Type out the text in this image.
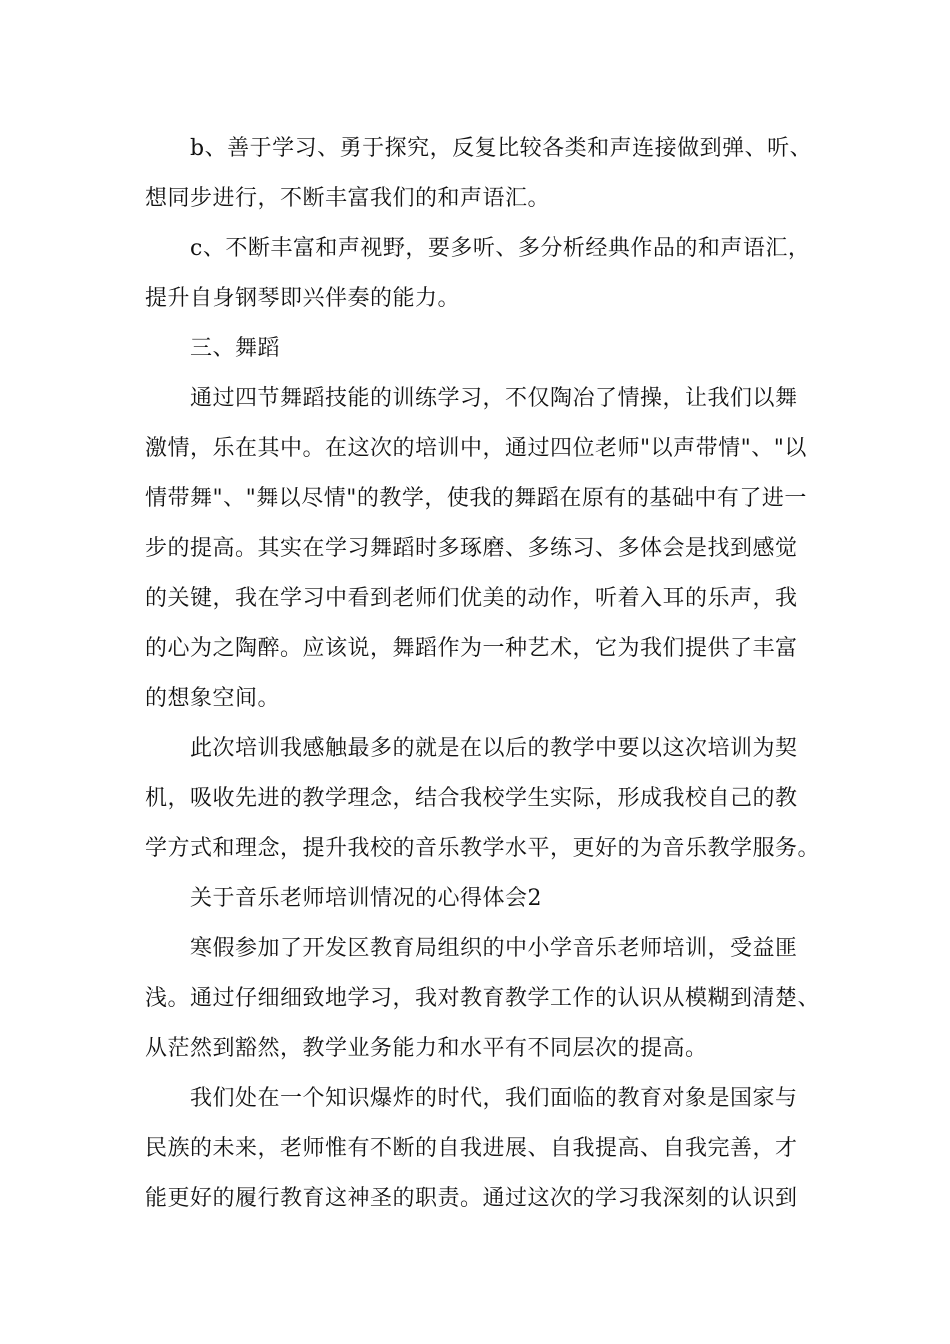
b、善于学习、勇于探究，反复比较各类和声连接做到弹、听、
想同步进行，不断丰富我们的和声语汇。
c、不断丰富和声视野，要多听、多分析经典作品的和声语汇，
提升自身钢琴即兴伴奏的能力。
三、舞蹈
通过四节舞蹈技能的训练学习，不仅陶冶了情操，让我们以舞
激情，乐在其中。在这次的培训中，通过四位老师"以声带情"、"以
情带舞"、"舞以尽情"的教学，使我的舞蹈在原有的基础中有了进一
步的提高。其实在学习舞蹈时多琢磨、多练习、多体会是找到感觉
的关键，我在学习中看到老师们优美的动作，听着入耳的乐声，我
的心为之陶醉。应该说，舞蹈作为一种艺术，它为我们提供了丰富
的想象空间。
此次培训我感触最多的就是在以后的教学中要以这次培训为契
机，吸收先进的教学理念，结合我校学生实际，形成我校自己的教
学方式和理念，提升我校的音乐教学水平，更好的为音乐教学服务。
关于音乐老师培训情况的心得体会2
寒假参加了开发区教育局组织的中小学音乐老师培训，受益匪
浅。通过仔细细致地学习，我对教育教学工作的认识从模糊到清楚、
从茫然到豁然，教学业务能力和水平有不同层次的提高。
我们处在一个知识爆炸的时代，我们面临的教育对象是国家与
民族的未来，老师惟有不断的自我进展、自我提高、自我完善，才
能更好的履行教育这神圣的职责。通过这次的学习我深刻的认识到
